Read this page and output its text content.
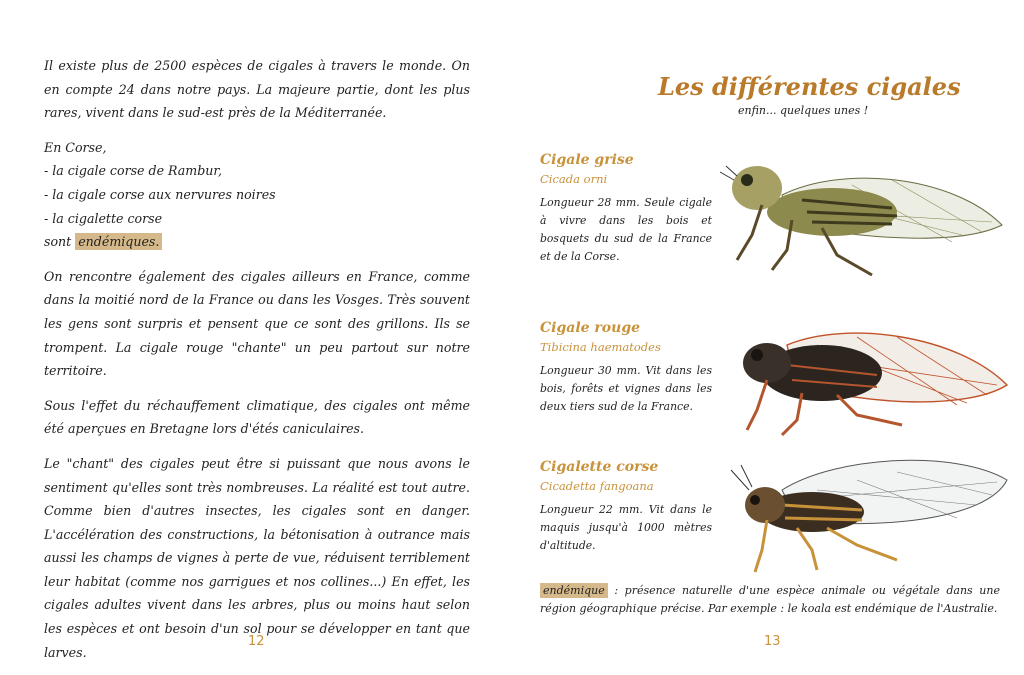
Il existe plus de 2500 espèces de cigales à travers le monde. On en compte 24 dans notre pays. La majeure partie, dont les plus rares, vivent dans le sud-est près de la Méditerranée.

En Corse,

- la cigale corse de Rambur,

- la cigale corse aux nervures noires

- la cigalette corse

sont endémiques.

On rencontre également des cigales ailleurs en France, comme dans la moitié nord de la France ou dans les Vosges. Très souvent les gens sont surpris et pensent que ce sont des grillons. Ils se trompent. La cigale rouge "chante" un peu partout sur notre territoire.

Sous l'effet du réchauffement climatique, des cigales ont même été aperçues en Bretagne lors d'étés caniculaires.

Le "chant" des cigales peut être si puissant que nous avons le sentiment qu'elles sont très nombreuses. La réalité est tout autre. Comme bien d'autres insectes, les cigales sont en danger. L'accélération des constructions, la bétonisation à outrance mais aussi les champs de vignes à perte de vue, réduisent terriblement leur habitat (comme nos garrigues et nos collines...) En effet, les cigales adultes vivent dans les arbres, plus ou moins haut selon les espèces et ont besoin d'un sol pour se développer en tant que larves.

12
Les différentes cigales
enfin... quelques unes !

Cigale grise

Cicada orni

Longueur 28 mm. Seule cigale à vivre dans les bois et bosquets du sud de la France et de la Corse.

Cigale rouge

Tibicina haematodes

Longueur 30 mm. Vit dans les bois, forêts et vignes dans les deux tiers sud de la France.

Cigalette corse

Cicadetta fangoana

Longueur 22 mm. Vit dans le maquis jusqu'à 1000 mètres d'altitude.

endémique : présence naturelle d'une espèce animale ou végétale dans une région géographique précise. Par exemple : le koala est endémique de l'Australie.
13
